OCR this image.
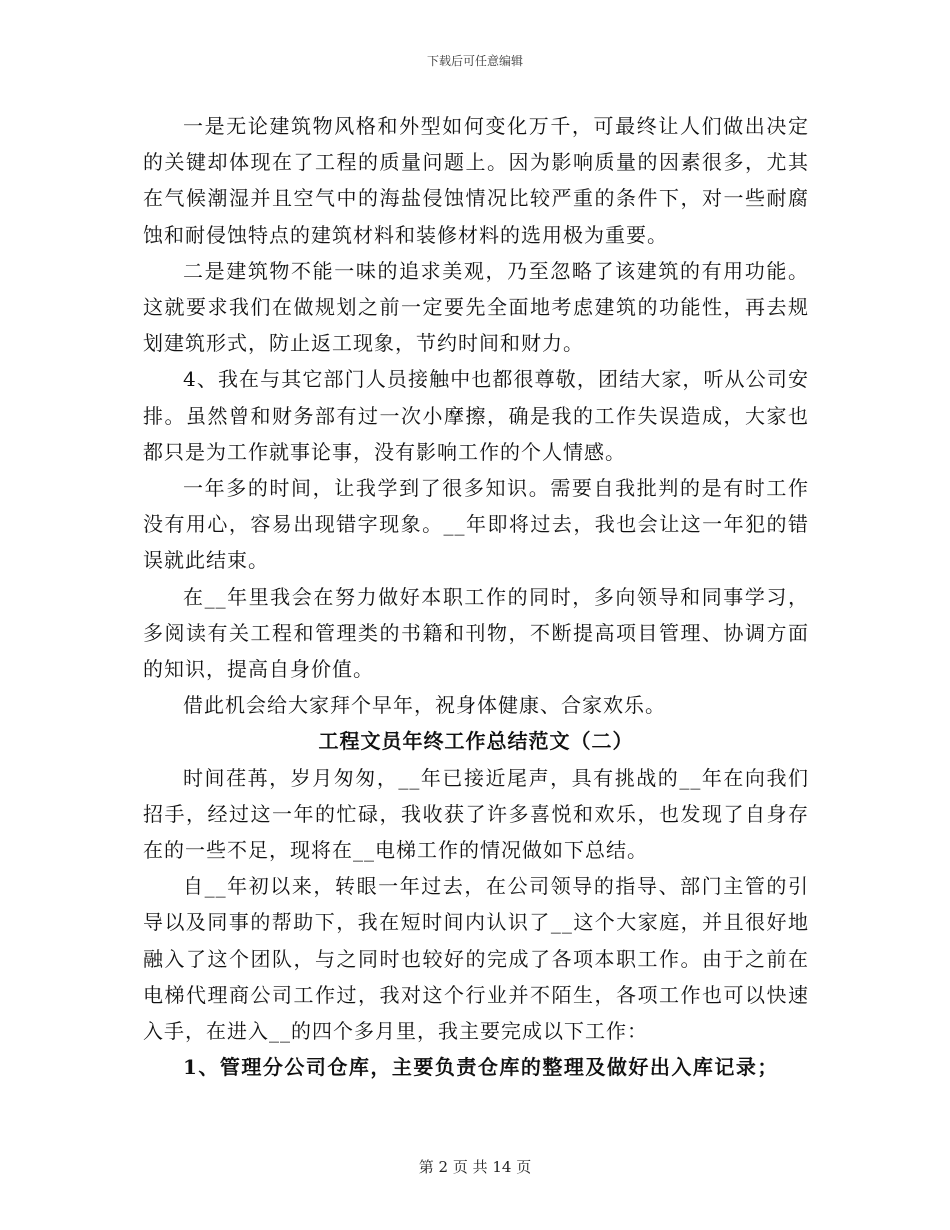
下载后可任意编辑

一是无论建筑物风格和外型如何变化万千，可最终让人们做出决定的关键却体现在了工程的质量问题上。因为影响质量的因素很多，尤其在气候潮湿并且空气中的海盐侵蚀情况比较严重的条件下，对一些耐腐蚀和耐侵蚀特点的建筑材料和装修材料的选用极为重要。

二是建筑物不能一味的追求美观，乃至忽略了该建筑的有用功能。这就要求我们在做规划之前一定要先全面地考虑建筑的功能性，再去规划建筑形式，防止返工现象，节约时间和财力。

4、我在与其它部门人员接触中也都很尊敬，团结大家，听从公司安排。虽然曾和财务部有过一次小摩擦，确是我的工作失误造成，大家也都只是为工作就事论事，没有影响工作的个人情感。

一年多的时间，让我学到了很多知识。需要自我批判的是有时工作没有用心，容易出现错字现象。__年即将过去，我也会让这一年犯的错误就此结束。

在__年里我会在努力做好本职工作的同时，多向领导和同事学习，多阅读有关工程和管理类的书籍和刊物，不断提高项目管理、协调方面的知识，提高自身价值。

借此机会给大家拜个早年，祝身体健康、合家欢乐。

工程文员年终工作总结范文（二）

时间荏苒，岁月匆匆，__年已接近尾声，具有挑战的__年在向我们招手，经过这一年的忙碌，我收获了许多喜悦和欢乐，也发现了自身存在的一些不足，现将在__电梯工作的情况做如下总结。

自__年初以来，转眼一年过去，在公司领导的指导、部门主管的引导以及同事的帮助下，我在短时间内认识了__这个大家庭，并且很好地融入了这个团队，与之同时也较好的完成了各项本职工作。由于之前在电梯代理商公司工作过，我对这个行业并不陌生，各项工作也可以快速入手，在进入__的四个多月里，我主要完成以下工作：

1、管理分公司仓库，主要负责仓库的整理及做好出入库记录；

第 2 页 共 14 页
